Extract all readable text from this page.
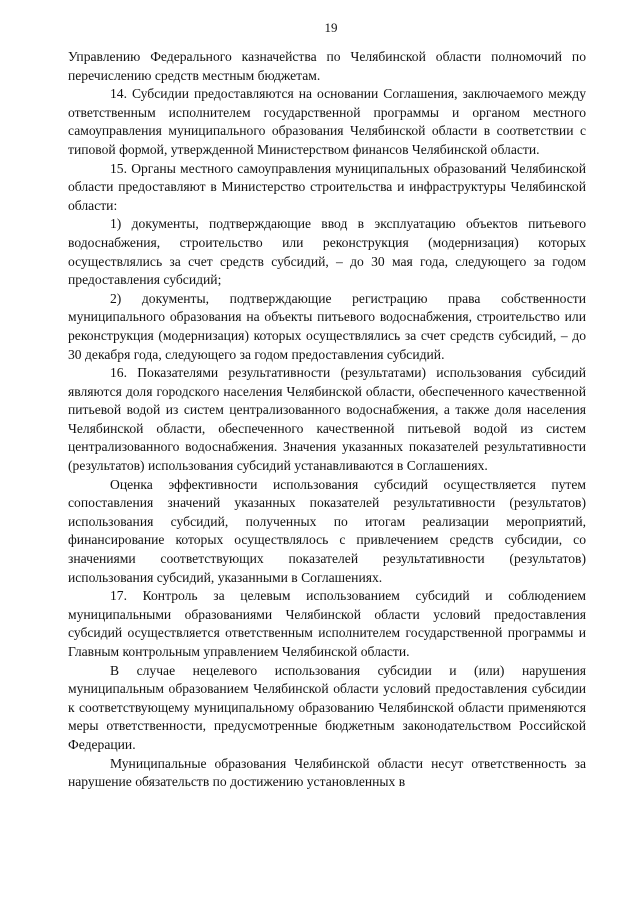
19

Управлению Федерального казначейства по Челябинской области полномочий по перечислению средств местным бюджетам.

14. Субсидии предоставляются на основании Соглашения, заключаемого между ответственным исполнителем государственной программы и органом местного самоуправления муниципального образования Челябинской области в соответствии с типовой формой, утвержденной Министерством финансов Челябинской области.

15. Органы местного самоуправления муниципальных образований Челябинской области предоставляют в Министерство строительства и инфраструктуры Челябинской области:

1) документы, подтверждающие ввод в эксплуатацию объектов питьевого водоснабжения, строительство или реконструкция (модернизация) которых осуществлялись за счет средств субсидий, – до 30 мая года, следующего за годом предоставления субсидий;

2) документы, подтверждающие регистрацию права собственности муниципального образования на объекты питьевого водоснабжения, строительство или реконструкция (модернизация) которых осуществлялись за счет средств субсидий, – до 30 декабря года, следующего за годом предоставления субсидий.

16. Показателями результативности (результатами) использования субсидий являются доля городского населения Челябинской области, обеспеченного качественной питьевой водой из систем централизованного водоснабжения, а также доля населения Челябинской области, обеспеченного качественной питьевой водой из систем централизованного водоснабжения. Значения указанных показателей результативности (результатов) использования субсидий устанавливаются в Соглашениях.

Оценка эффективности использования субсидий осуществляется путем сопоставления значений указанных показателей результативности (результатов) использования субсидий, полученных по итогам реализации мероприятий, финансирование которых осуществлялось с привлечением средств субсидии, со значениями соответствующих показателей результативности (результатов) использования субсидий, указанными в Соглашениях.

17. Контроль за целевым использованием субсидий и соблюдением муниципальными образованиями Челябинской области условий предоставления субсидий осуществляется ответственным исполнителем государственной программы и Главным контрольным управлением Челябинской области.

В случае нецелевого использования субсидии и (или) нарушения муниципальным образованием Челябинской области условий предоставления субсидии к соответствующему муниципальному образованию Челябинской области применяются меры ответственности, предусмотренные бюджетным законодательством Российской Федерации.

Муниципальные образования Челябинской области несут ответственность за нарушение обязательств по достижению установленных в
